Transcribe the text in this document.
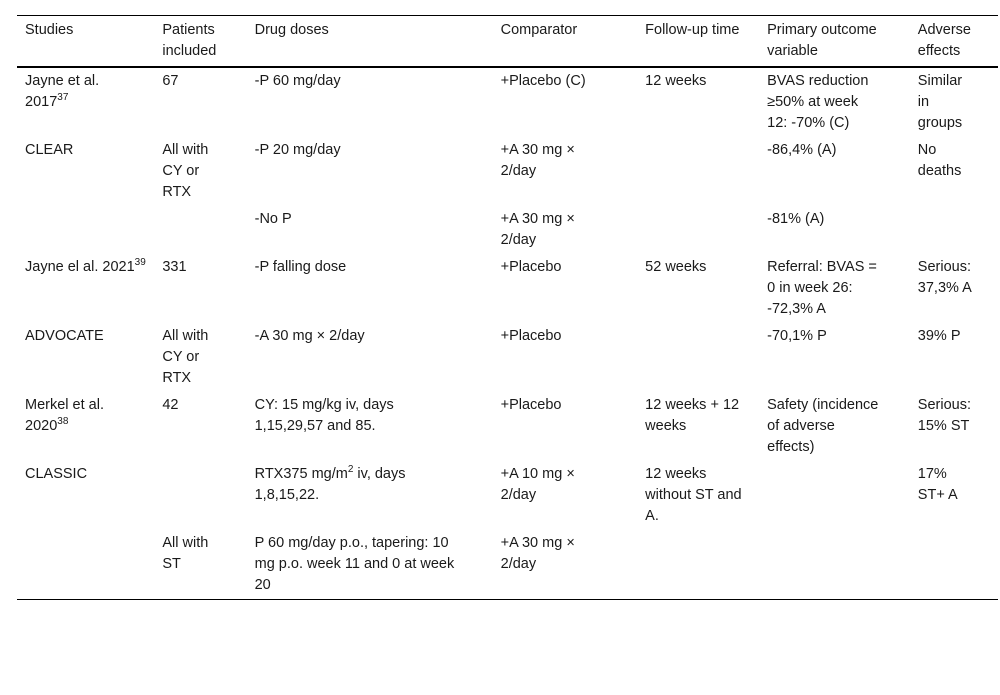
Studies	Patients included	Drug doses	Comparator	Follow-up time	Primary outcome variable	Adverse effects
Jayne et al. 2017$^{37}$	67	-P 60 mg/day	+Placebo (C)	12 weeks	BVAS reduction ≥50% at week 12: -70% (C)	Similar in groups

CLEAR	All with CY or RTX	-P 20 mg/day	+A 30 mg × 2/day		-86,4% (A)	No deaths

		-No P	+A 30 mg × 2/day		-81% (A)	

Jayne el al. 2021$^{39}$	331	-P falling dose	+Placebo	52 weeks	Referral: BVAS = 0 in week 26: -72,3% A	Serious: 37,3% A

ADVOCATE	All with CY or RTX	-A 30 mg × 2/day	+Placebo		-70,1% P	39% P

Merkel et al. 2020$^{38}$	42	CY: 15 mg/kg iv, days 1,15,29,57 and 85.	+Placebo	12 weeks + 12 weeks	Safety (incidence of adverse effects)	Serious: 15% ST

CLASSIC		RTX375 $mg/m^2$ iv, days 1,8,15,22.	+A 10 mg × 2/day	12 weeks without ST and A.		17% ST+ A

	All with ST	P 60 mg/day p.o., tapering: 10 mg p.o. week 11 and 0 at week 20	+A 30 mg × 2/day			
